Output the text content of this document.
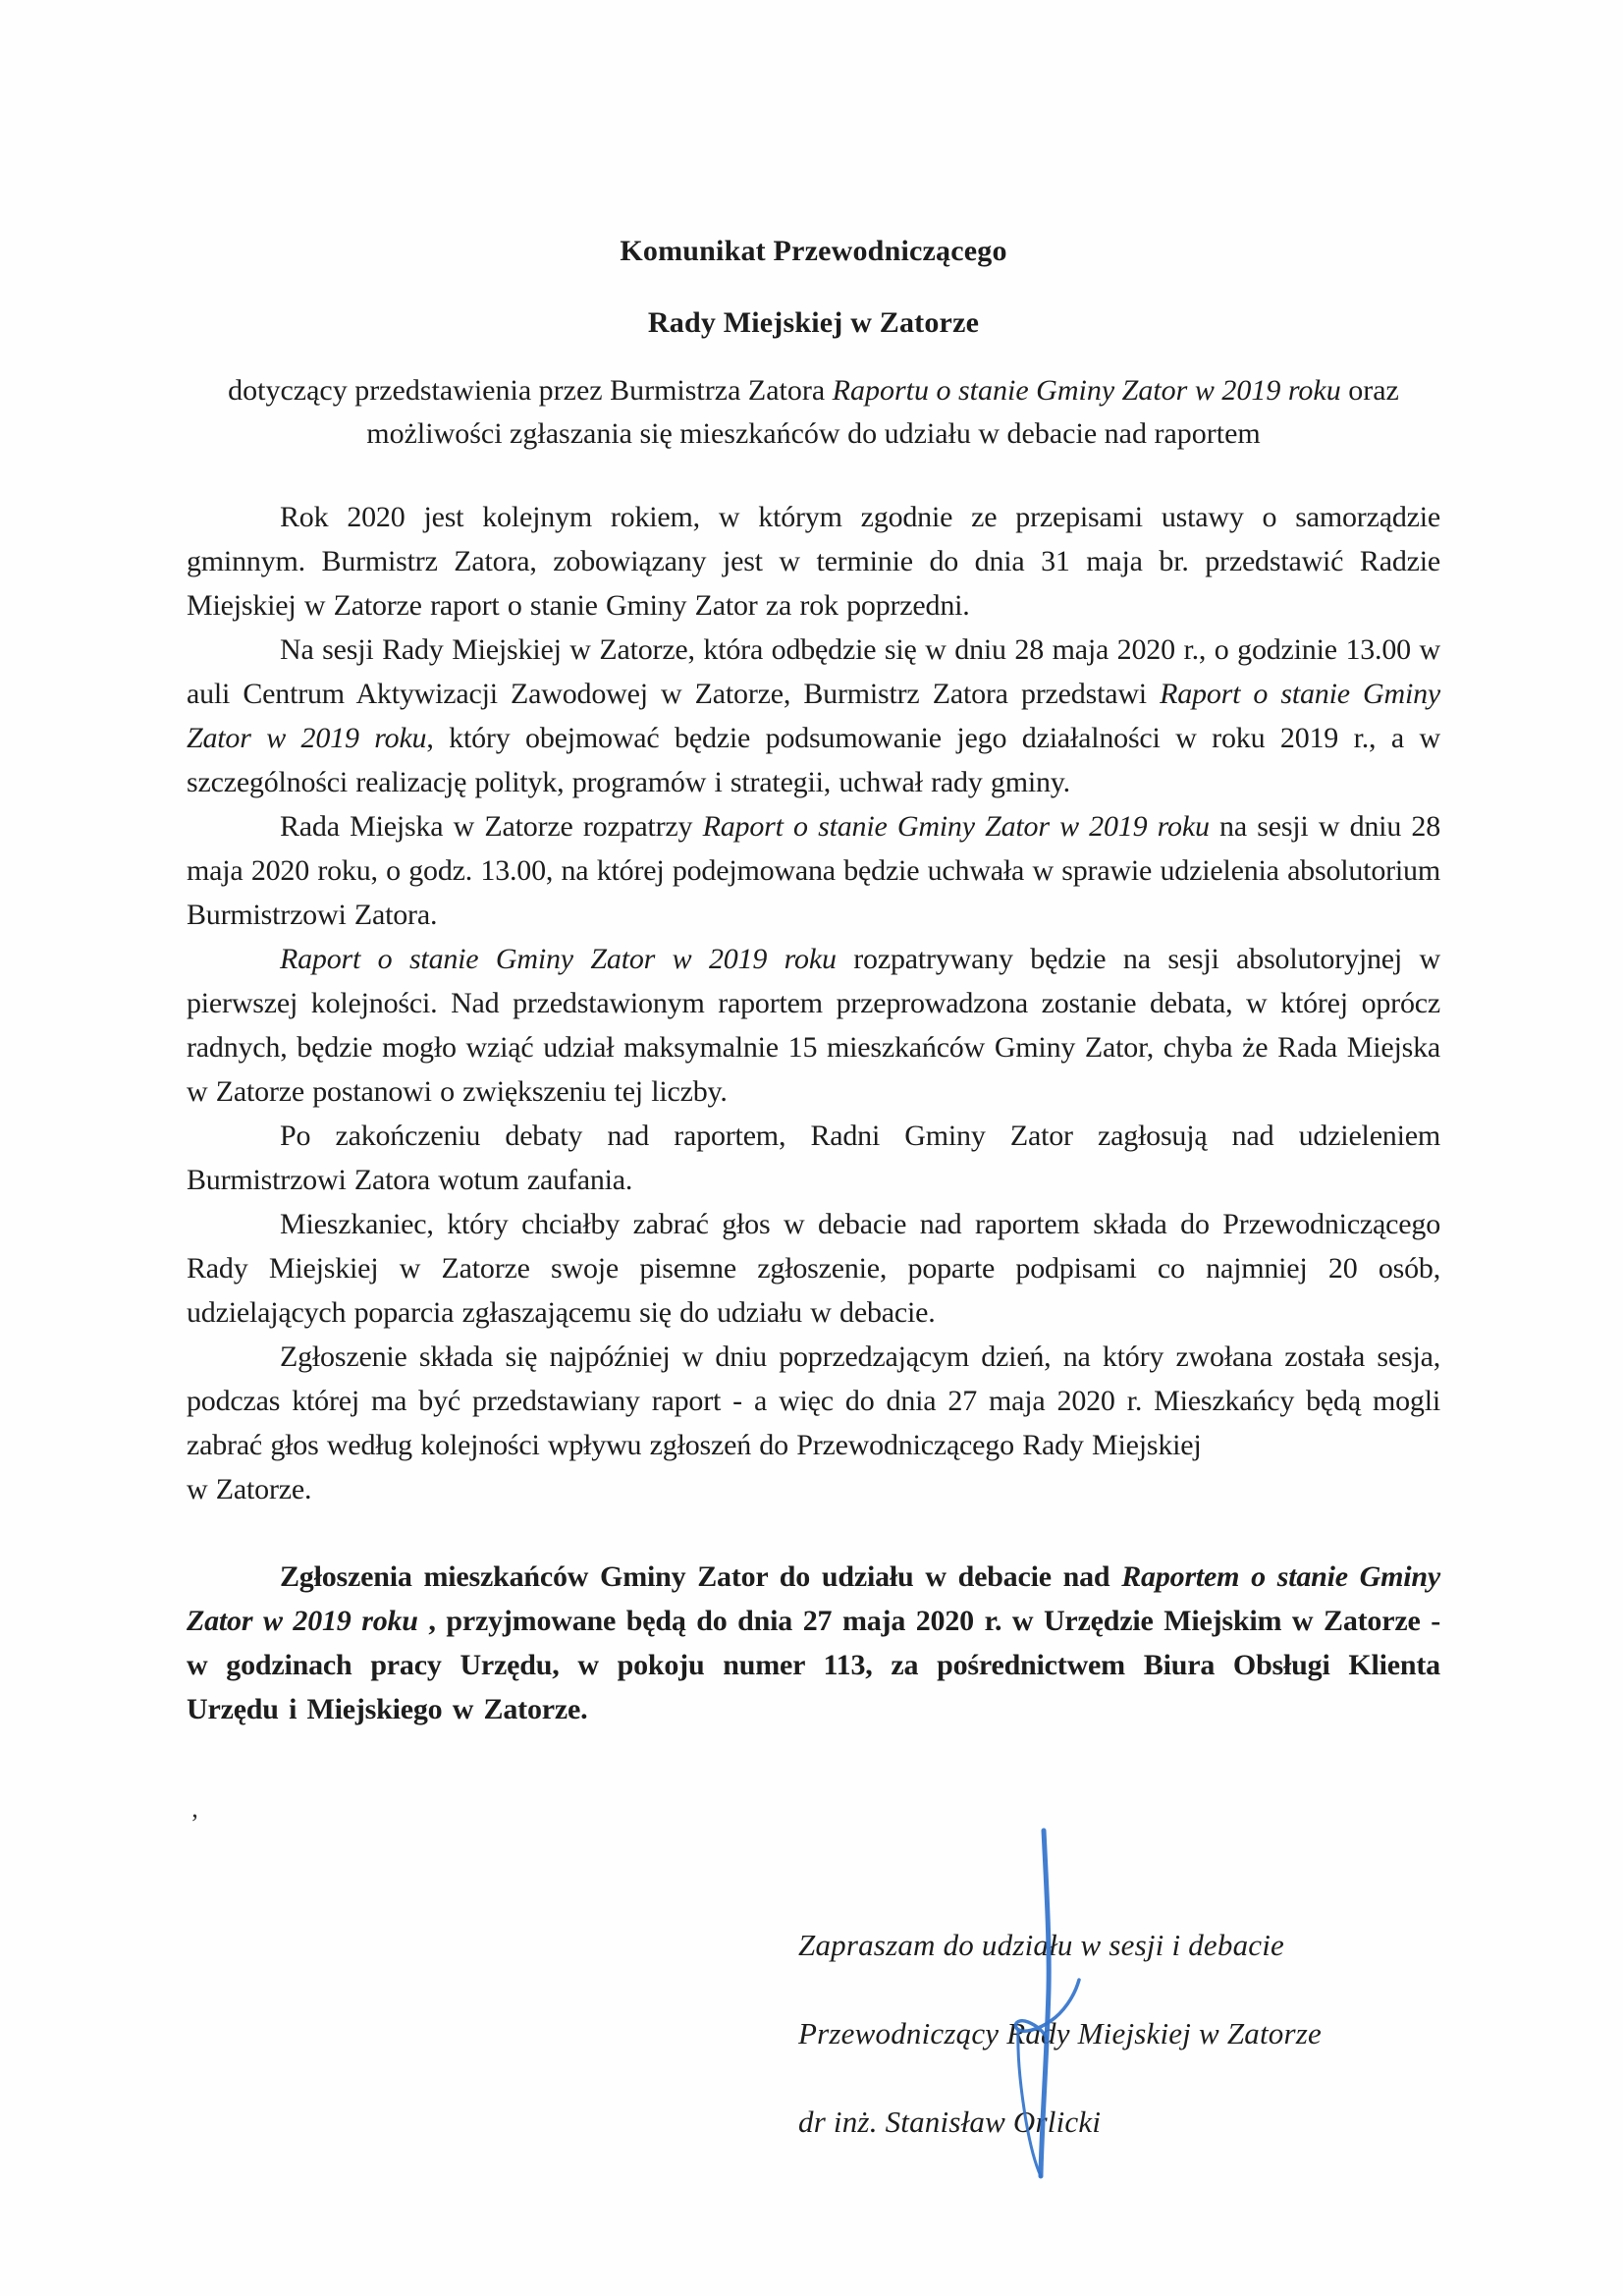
Komunikat Przewodniczącego
Rady Miejskiej w Zatorze

dotyczący przedstawienia przez Burmistrza Zatora Raportu o stanie Gminy Zator w 2019 roku oraz możliwości zgłaszania się mieszkańców do udziału w debacie nad raportem

Rok 2020 jest kolejnym rokiem, w którym zgodnie ze przepisami ustawy o samorządzie gminnym. Burmistrz Zatora, zobowiązany jest w terminie do dnia 31 maja br. przedstawić Radzie Miejskiej w Zatorze raport o stanie Gminy Zator za rok poprzedni.

Na sesji Rady Miejskiej w Zatorze, która odbędzie się w dniu 28 maja 2020 r., o godzinie 13.00 w auli Centrum Aktywizacji Zawodowej w Zatorze, Burmistrz Zatora przedstawi Raport o stanie Gminy Zator w 2019 roku, który obejmować będzie podsumowanie jego działalności w roku 2019 r., a w szczególności realizację polityk, programów i strategii, uchwał rady gminy.

Rada Miejska w Zatorze rozpatrzy Raport o stanie Gminy Zator w 2019 roku na sesji w dniu 28 maja 2020 roku, o godz. 13.00, na której podejmowana będzie uchwała w sprawie udzielenia absolutorium Burmistrzowi Zatora.

Raport o stanie Gminy Zator w 2019 roku rozpatrywany będzie na sesji absolutoryjnej w pierwszej kolejności. Nad przedstawionym raportem przeprowadzona zostanie debata, w której oprócz radnych, będzie mogło wziąć udział maksymalnie 15 mieszkańców Gminy Zator, chyba że Rada Miejska w Zatorze postanowi o zwiększeniu tej liczby.

Po zakończeniu debaty nad raportem, Radni Gminy Zator zagłosują nad udzieleniem Burmistrzowi Zatora wotum zaufania.

Mieszkaniec, który chciałby zabrać głos w debacie nad raportem składa do Przewodniczącego Rady Miejskiej w Zatorze swoje pisemne zgłoszenie, poparte podpisami co najmniej 20 osób, udzielających poparcia zgłaszającemu się do udziału w debacie.

Zgłoszenie składa się najpóźniej w dniu poprzedzającym dzień, na który zwołana została sesja, podczas której ma być przedstawiany raport - a więc do dnia 27 maja 2020 r. Mieszkańcy będą mogli zabrać głos według kolejności wpływu zgłoszeń do Przewodniczącego Rady Miejskiej
w Zatorze.

Zgłoszenia mieszkańców Gminy Zator do udziału w debacie nad Raportem o stanie Gminy Zator w 2019 roku , przyjmowane będą do dnia 27 maja 2020 r. w Urzędzie Miejskim w Zatorze -w godzinach pracy Urzędu, w pokoju numer 113, za pośrednictwem Biura Obsługi Klienta Urzędu i Miejskiego w Zatorze.

’

Zapraszam do udziału w sesji i debacie

Przewodniczący Rady Miejskiej w Zatorze

dr inż. Stanisław Orlicki
